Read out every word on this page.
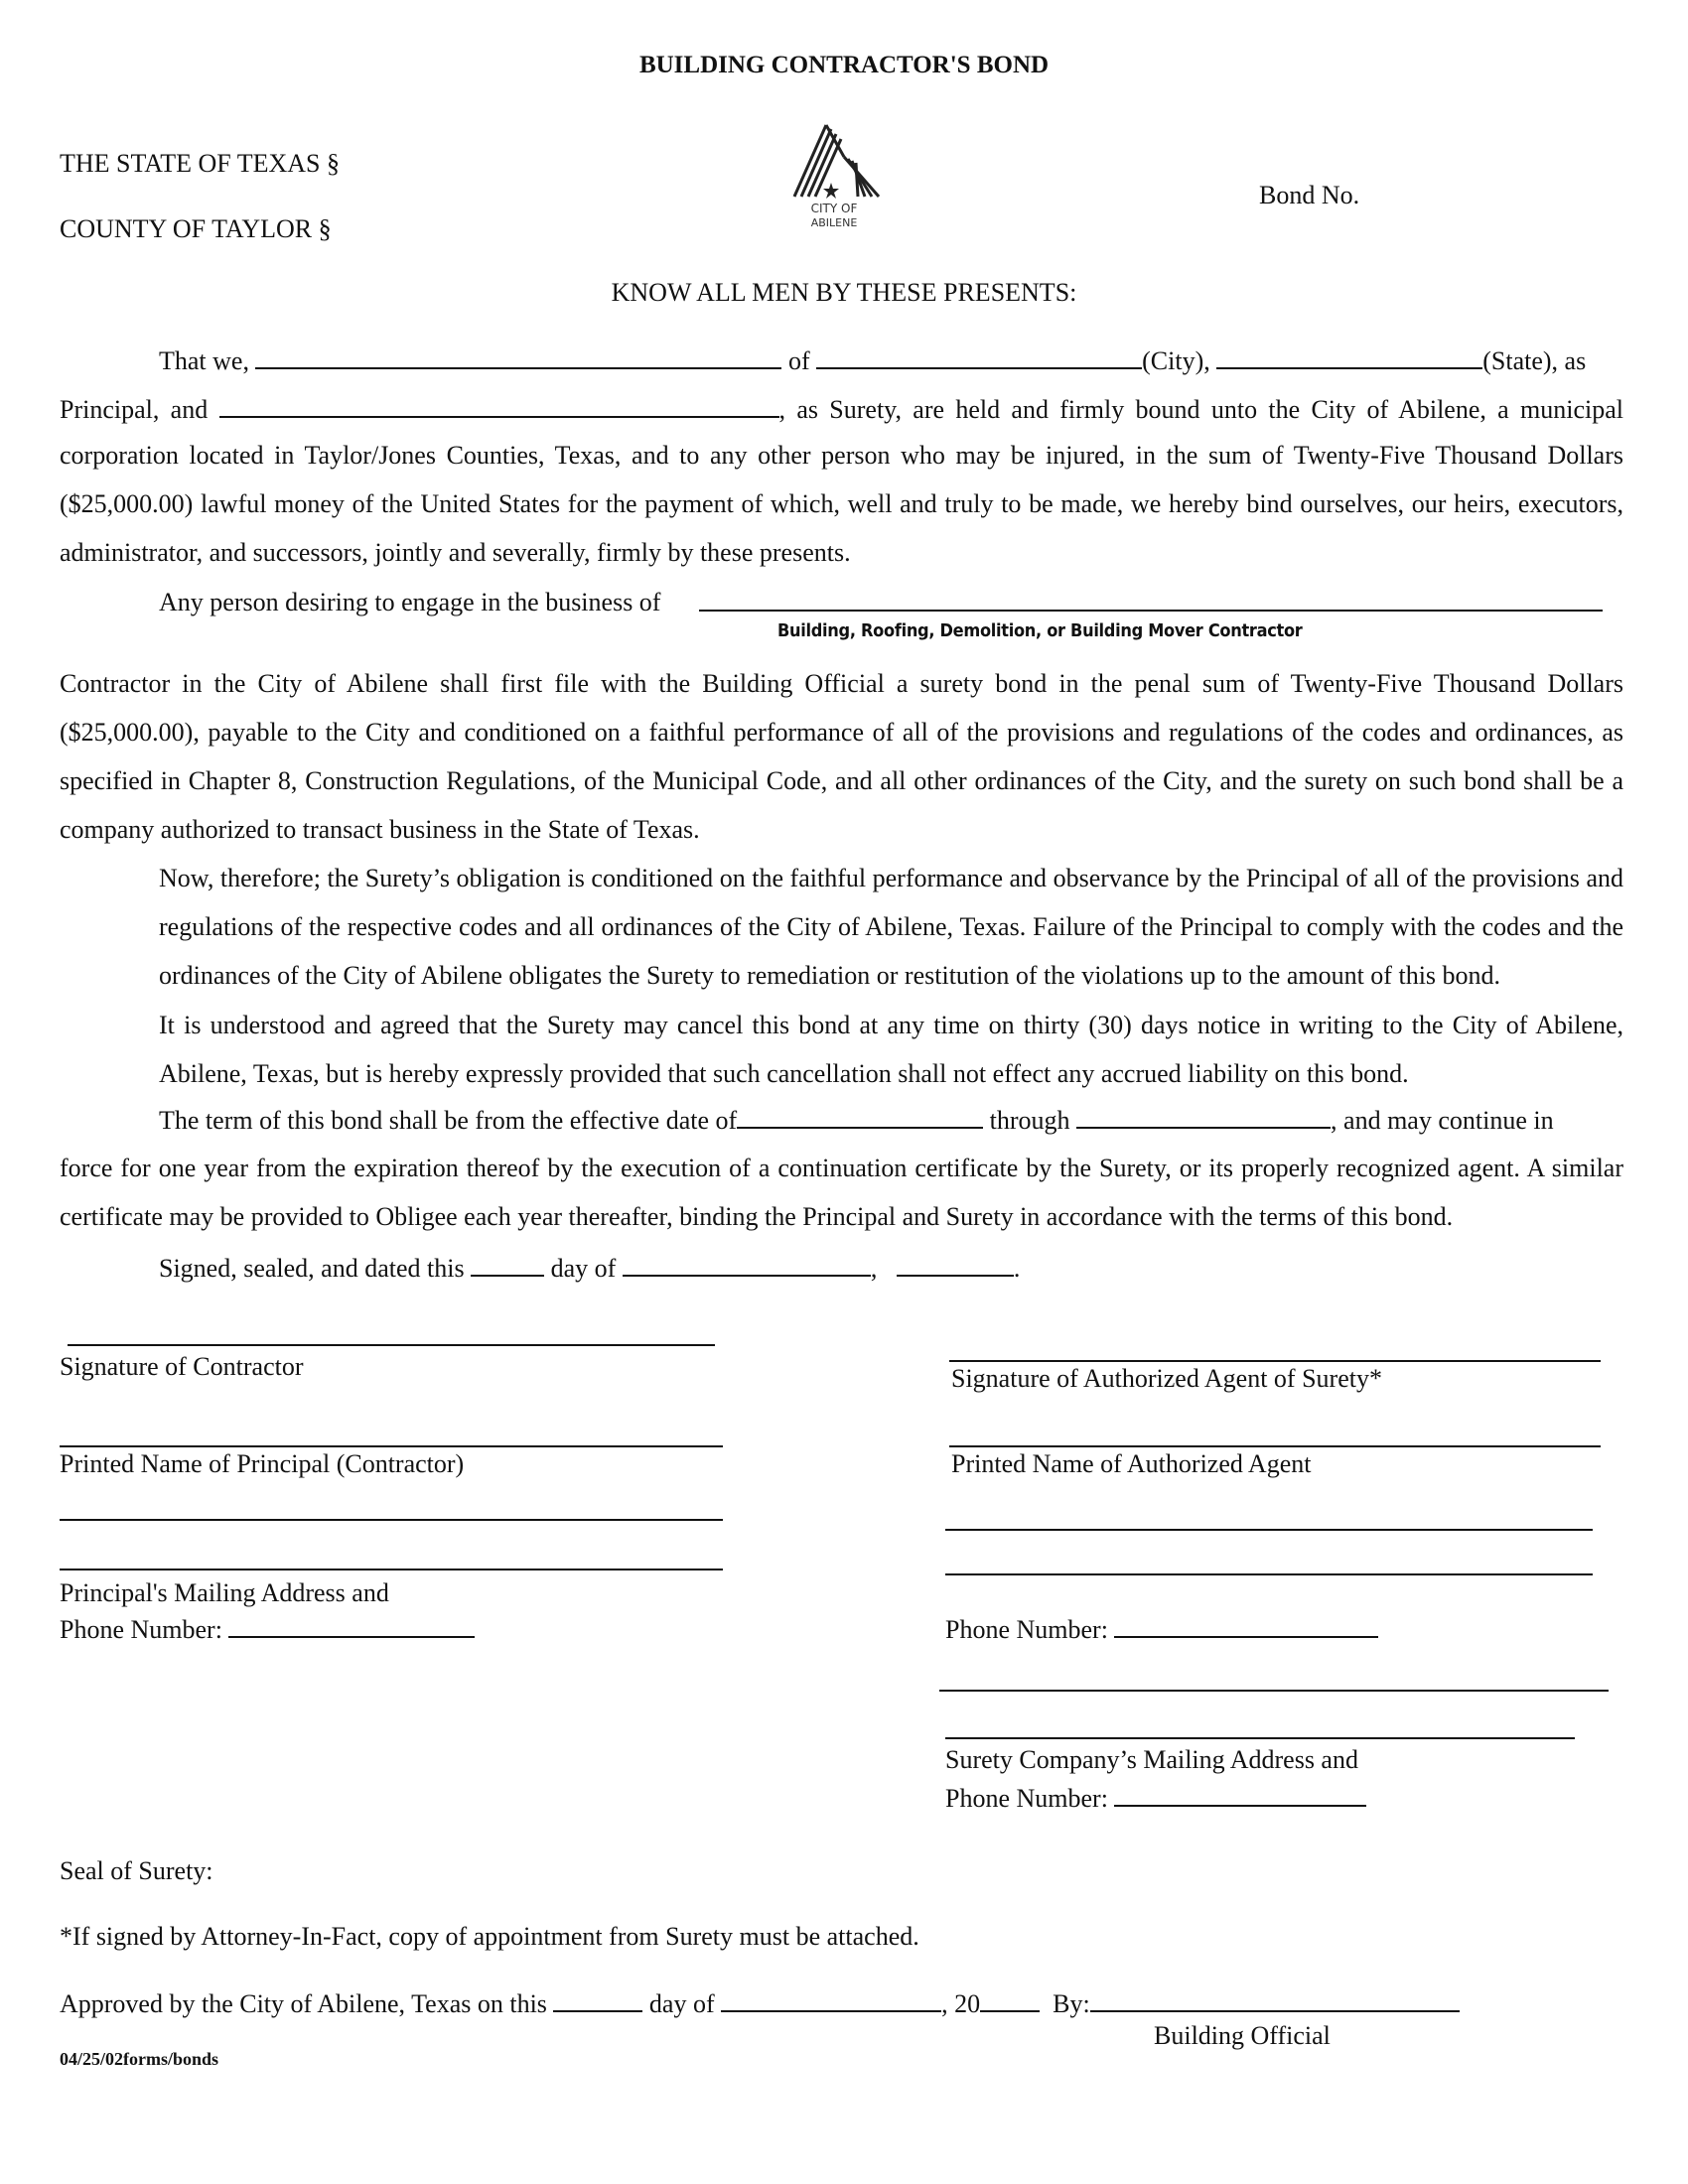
BUILDING CONTRACTOR'S BOND
THE STATE OF TEXAS §
COUNTY OF TAYLOR §
CITY OF
ABILENE
Bond No.
KNOW ALL MEN BY THESE PRESENTS:
That we,	of	(City),	(State), as
Principal, and	, as Surety, are held and firmly bound unto the City of Abilene, a municipal

corporation located in Taylor/Jones Counties, Texas, and to any other person who may be injured, in the sum of Twenty-Five Thousand Dollars ($25,000.00) lawful money of the United States for the payment of which, well and truly to be made, we hereby bind ourselves, our heirs, executors, administrator, and successors, jointly and severally, firmly by these presents.

Any person desiring to engage in the business of
Building, Roofing, Demolition, or Building Mover Contractor

Contractor in the City of Abilene shall first file with the Building Official a surety bond in the penal sum of Twenty-Five Thousand Dollars ($25,000.00), payable to the City and conditioned on a faithful performance of all of the provisions and regulations of the codes and ordinances, as specified in Chapter 8, Construction Regulations, of the Municipal Code, and all other ordinances of the City, and the surety on such bond shall be a company authorized to transact business in the State of Texas.

Now, therefore; the Surety’s obligation is conditioned on the faithful performance and observance by the Principal of all of the provisions and regulations of the respective codes and all ordinances of the City of Abilene, Texas. Failure of the Principal to comply with the codes and the ordinances of the City of Abilene obligates the Surety to remediation or restitution of the violations up to the amount of this bond.

It is understood and agreed that the Surety may cancel this bond at any time on thirty (30) days notice in writing to the City of Abilene, Abilene, Texas, but is hereby expressly provided that such cancellation shall not effect any accrued liability on this bond.

The term of this bond shall be from the effective date of	through	, and may continue in

force for one year from the expiration thereof by the execution of a continuation certificate by the Surety, or its properly recognized agent. A similar certificate may be provided to Obligee each year thereafter, binding the Principal and Surety in accordance with the terms of this bond.

Signed, sealed, and dated this	day of	,	.
Signature of Contractor
Printed Name of Principal (Contractor)
Principal's Mailing Address and
Phone Number:
Signature of Authorized Agent of Surety*
Printed Name of Authorized Agent
Phone Number:
Surety Company’s Mailing Address and
Phone Number:
Seal of Surety:
*If signed by Attorney-In-Fact, copy of appointment from Surety must be attached.
Approved by the City of Abilene, Texas on this	day of	, 20	By:
Building Official
04/25/02forms/bonds
